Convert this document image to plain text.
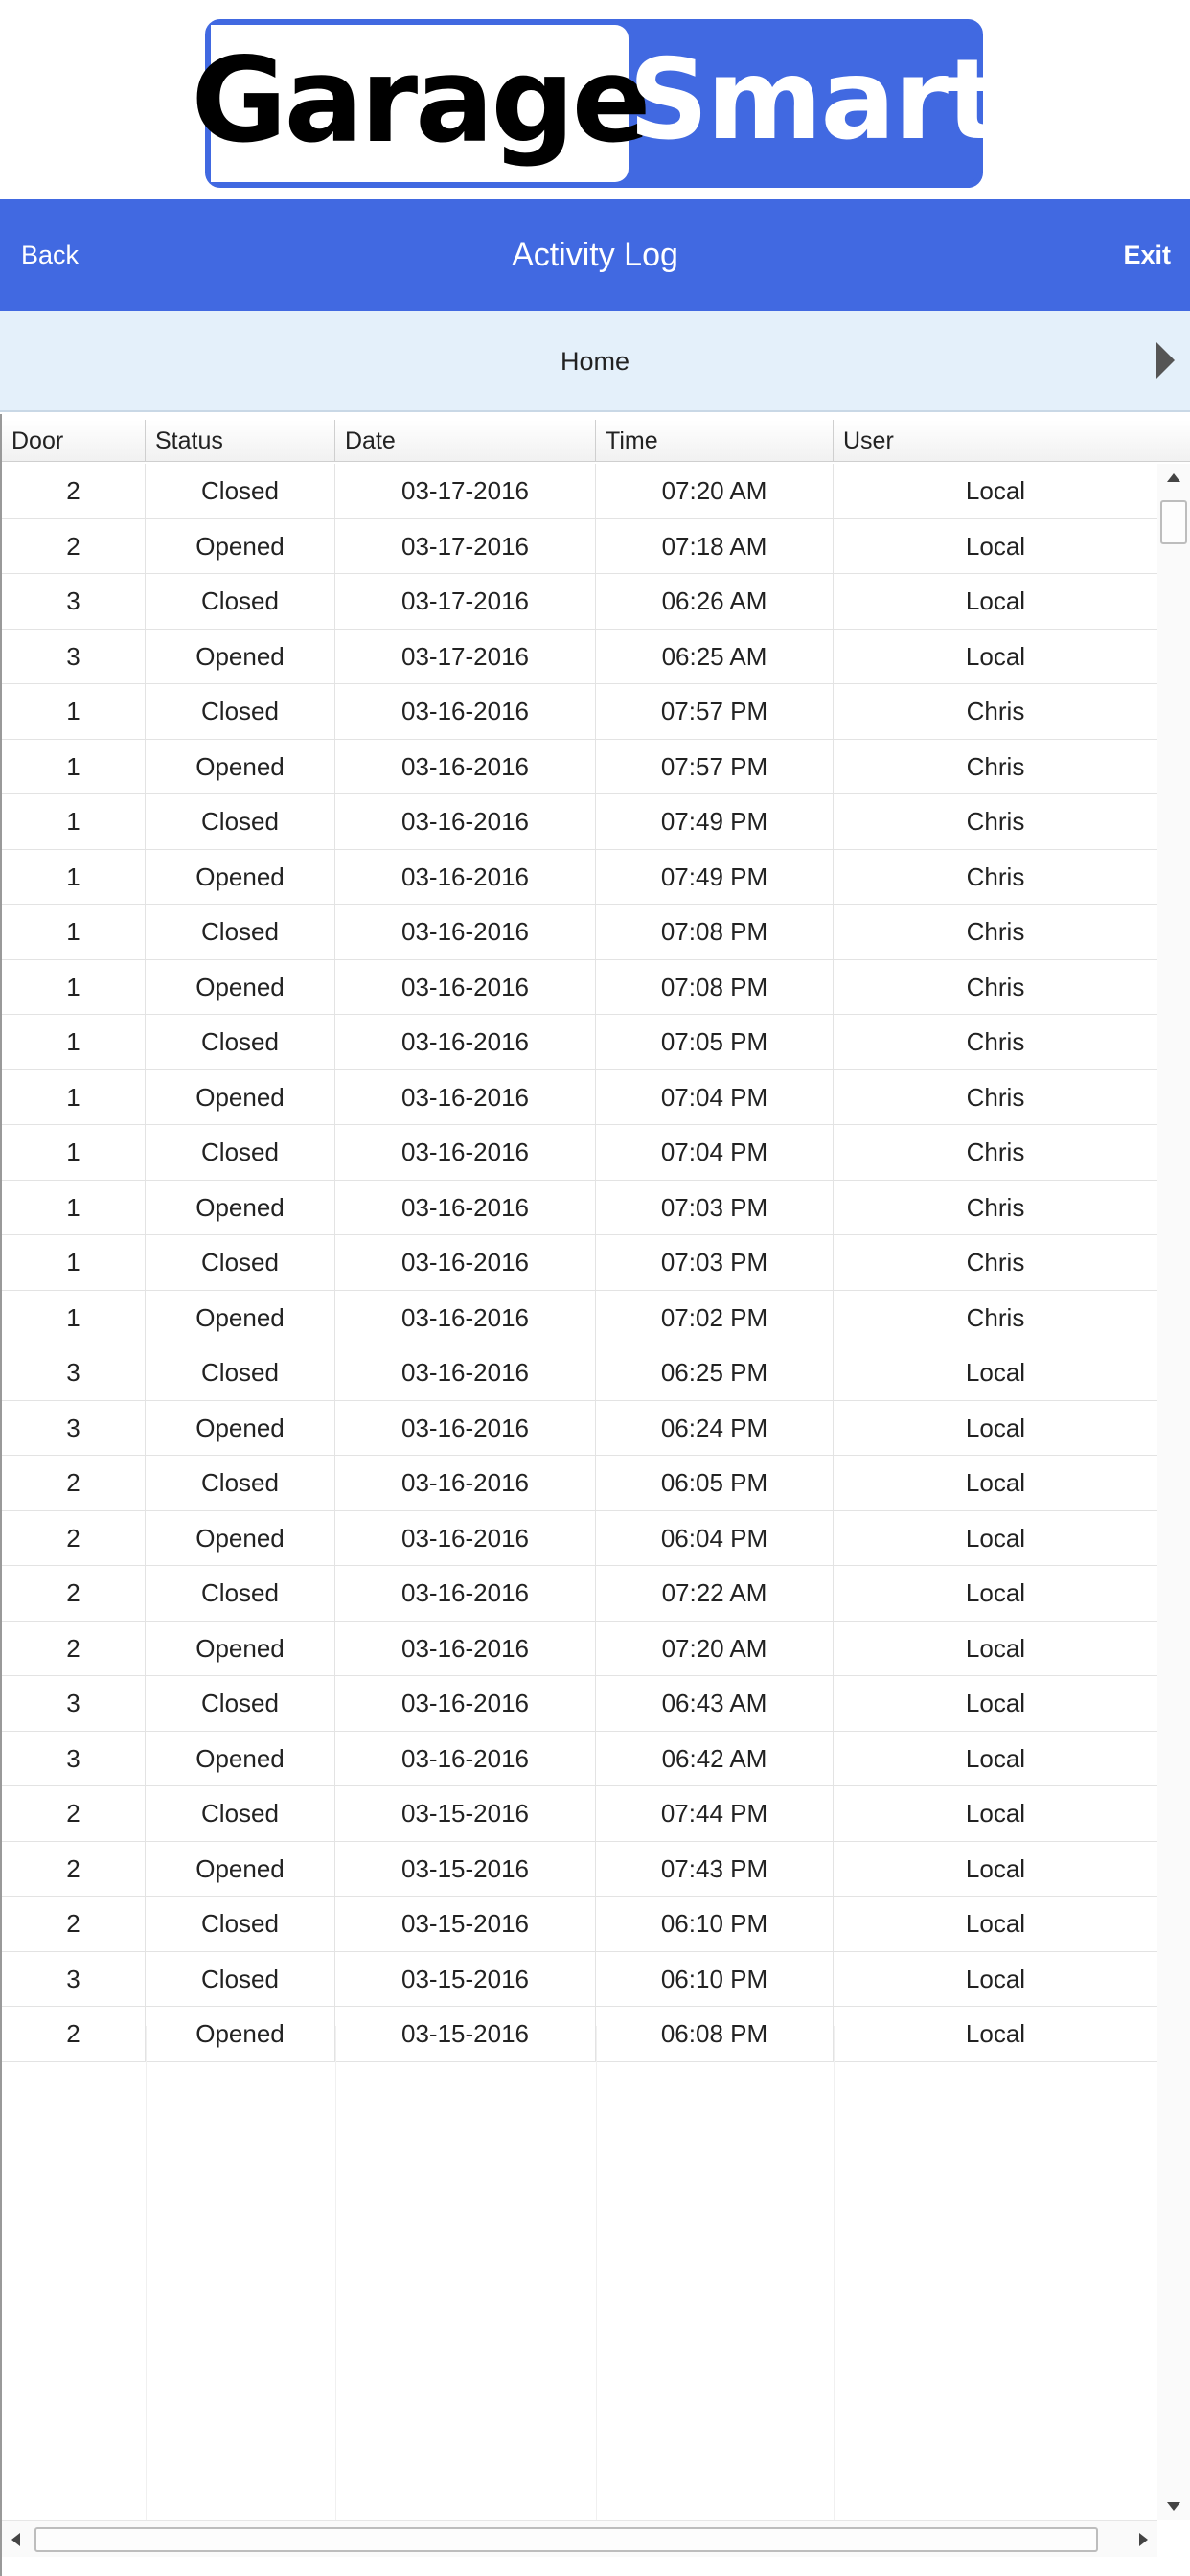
Garage
Smart
Back	Activity Log	Exit
Home
Door	Status	Date	Time	User
2	Closed	03-17-2016	07:20 AM	Local
2	Opened	03-17-2016	07:18 AM	Local
3	Closed	03-17-2016	06:26 AM	Local
3	Opened	03-17-2016	06:25 AM	Local
1	Closed	03-16-2016	07:57 PM	Chris
1	Opened	03-16-2016	07:57 PM	Chris
1	Closed	03-16-2016	07:49 PM	Chris
1	Opened	03-16-2016	07:49 PM	Chris
1	Closed	03-16-2016	07:08 PM	Chris
1	Opened	03-16-2016	07:08 PM	Chris
1	Closed	03-16-2016	07:05 PM	Chris
1	Opened	03-16-2016	07:04 PM	Chris
1	Closed	03-16-2016	07:04 PM	Chris
1	Opened	03-16-2016	07:03 PM	Chris
1	Closed	03-16-2016	07:03 PM	Chris
1	Opened	03-16-2016	07:02 PM	Chris
3	Closed	03-16-2016	06:25 PM	Local
3	Opened	03-16-2016	06:24 PM	Local
2	Closed	03-16-2016	06:05 PM	Local
2	Opened	03-16-2016	06:04 PM	Local
2	Closed	03-16-2016	07:22 AM	Local
2	Opened	03-16-2016	07:20 AM	Local
3	Closed	03-16-2016	06:43 AM	Local
3	Opened	03-16-2016	06:42 AM	Local
2	Closed	03-15-2016	07:44 PM	Local
2	Opened	03-15-2016	07:43 PM	Local
2	Closed	03-15-2016	06:10 PM	Local
3	Closed	03-15-2016	06:10 PM	Local
2	Opened	03-15-2016	06:08 PM	Local
